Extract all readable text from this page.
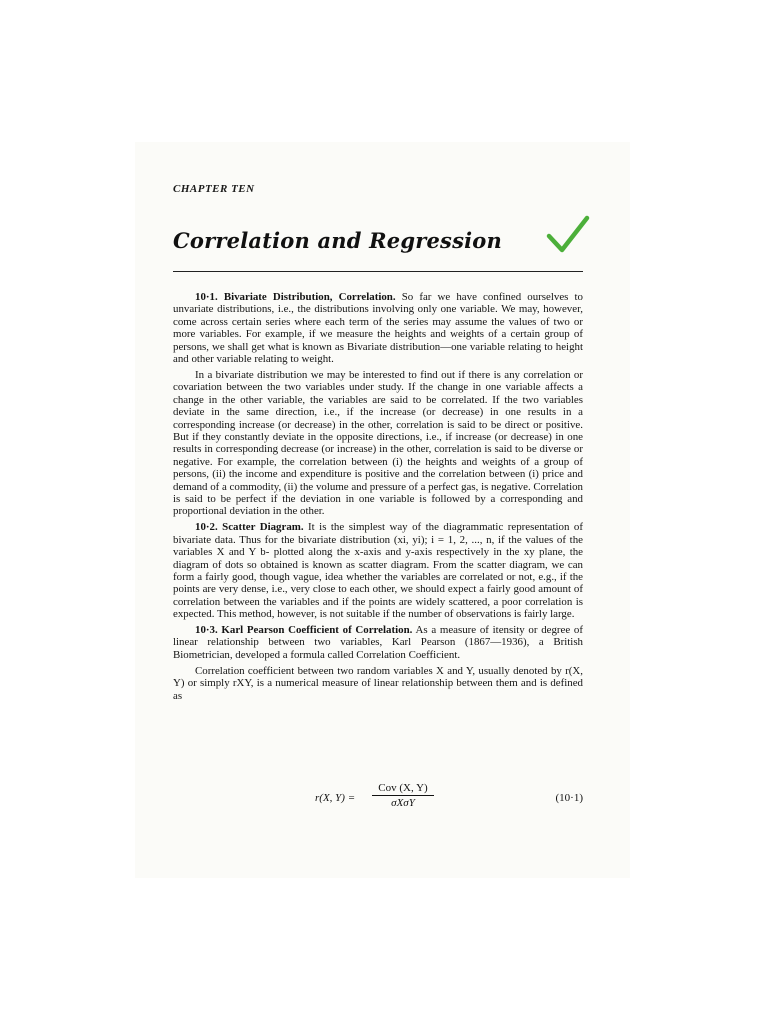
CHAPTER TEN
Correlation and Regression

10·1. Bivariate Distribution, Correlation. So far we have confined ourselves to unvariate distributions, i.e., the distributions involving only one variable. We may, however, come across certain series where each term of the series may assume the values of two or more variables. For example, if we measure the heights and weights of a certain group of persons, we shall get what is known as Bivariate distribution—one variable relating to height and other variable relating to weight.

In a bivariate distribution we may be interested to find out if there is any correlation or covariation between the two variables under study. If the change in one variable affects a change in the other variable, the variables are said to be correlated. If the two variables deviate in the same direction, i.e., if the increase (or decrease) in one results in a corresponding increase (or decrease) in the other, correlation is said to be direct or positive. But if they constantly deviate in the opposite directions, i.e., if increase (or decrease) in one results in corresponding decrease (or increase) in the other, correlation is said to be diverse or negative. For example, the correlation between (i) the heights and weights of a group of persons, (ii) the income and expenditure is positive and the correlation between (i) price and demand of a commodity, (ii) the volume and pressure of a perfect gas, is negative. Correlation is said to be perfect if the deviation in one variable is followed by a corresponding and proportional deviation in the other.

10·2. Scatter Diagram. It is the simplest way of the diagrammatic representation of bivariate data. Thus for the bivariate distribution (xi, yi); i = 1, 2, ..., n, if the values of the variables X and Y b- plotted along the x-axis and y-axis respectively in the xy plane, the diagram of dots so obtained is known as scatter diagram. From the scatter diagram, we can form a fairly good, though vague, idea whether the variables are correlated or not, e.g., if the points are very dense, i.e., very close to each other, we should expect a fairly good amount of correlation between the variables and if the points are widely scattered, a poor correlation is expected. This method, however, is not suitable if the number of observations is fairly large.

10·3. Karl Pearson Coefficient of Correlation. As a measure of itensity or degree of linear relationship between two variables, Karl Pearson (1867—1936), a British Biometrician, developed a formula called Correlation Coefficient.

Correlation coefficient between two random variables X and Y, usually denoted by r(X, Y) or simply rXY, is a numerical measure of linear relationship between them and is defined as

r(X, Y) =
Cov (X, Y)
σXσY	(10·1)
